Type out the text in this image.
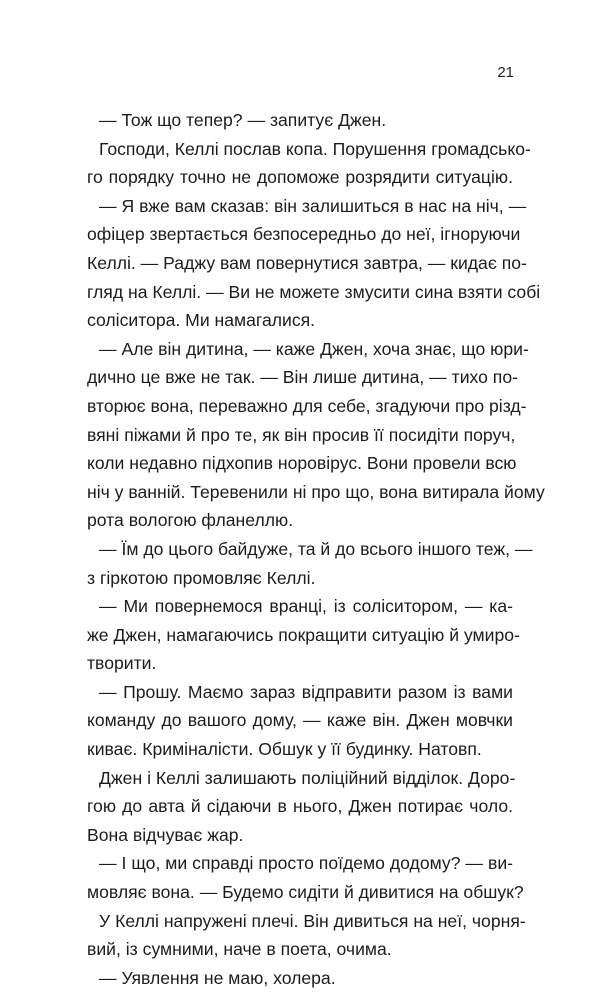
21
— Тож що тепер? — запитує Джен.
Господи, Келлі послав копа. Порушення громадсько-
го порядку точно не допоможе розрядити ситуацію.
— Я вже вам сказав: він залишиться в нас на ніч, —
офіцер звертається безпосередньо до неї, ігноруючи
Келлі. — Раджу вам повернутися завтра, — кидає по-
гляд на Келлі. — Ви не можете змусити сина взяти собі
соліситора. Ми намагалися.
— Але він дитина, — каже Джен, хоча знає, що юри-
дично це вже не так. — Він лише дитина, — тихо по-
вторює вона, переважно для себе, згадуючи про різд-
вяні піжами й про те, як він просив її посидіти поруч,
коли недавно підхопив норовірус. Вони провели всю
ніч у ванній. Теревенили ні про що, вона витирала йому
рота вологою фланеллю.
— Їм до цього байдуже, та й до всього іншого теж, —
з гіркотою промовляє Келлі.
— Ми повернемося вранці, із соліситором, — ка-
же Джен, намагаючись покращити ситуацію й умиро-
творити.
— Прошу. Маємо зараз відправити разом із вами
команду до вашого дому, — каже він. Джен мовчки
киває. Криміналісти. Обшук у її будинку. Натовп.
Джен і Келлі залишають поліційний відділок. Доро-
гою до авта й сідаючи в нього, Джен потирає чоло.
Вона відчуває жар.
— І що, ми справді просто поїдемо додому? — ви-
мовляє вона. — Будемо сидіти й дивитися на обшук?
У Келлі напружені плечі. Він дивиться на неї, чорня-
вий, із сумними, наче в поета, очима.
— Уявлення не маю, холера.
